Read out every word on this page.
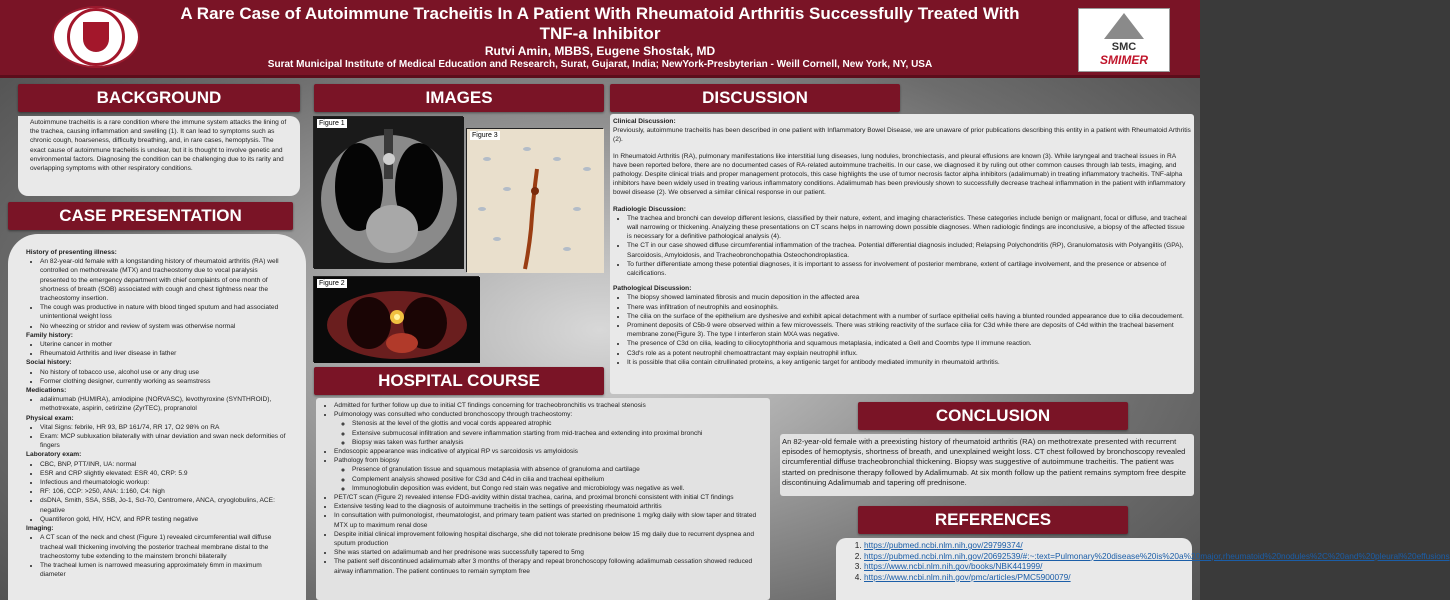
A Rare Case of Autoimmune Tracheitis In A Patient With Rheumatoid Arthritis Successfully Treated With
TNF-a Inhibitor
Rutvi Amin, MBBS, Eugene Shostak, MD
Surat Municipal Institute of Medical Education and Research, Surat, Gujarat, India; NewYork-Presbyterian - Weill Cornell, New York, NY, USA
SMC
SMIMER
BACKGROUND
Autoimmune tracheitis is a rare condition where the immune system attacks the lining of the trachea, causing inflammation and swelling (1). It can lead to symptoms such as chronic cough, hoarseness, difficulty breathing, and, in rare cases, hemoptysis. The exact cause of autoimmune tracheitis is unclear, but it is thought to involve genetic and environmental factors. Diagnosing the condition can be challenging due to its rarity and overlapping symptoms with other respiratory conditions.
CASE PRESENTATION
History of presenting illness:
• An 82-year-old female with a longstanding history of rheumatoid arthritis (RA) well controlled on methotrexate (MTX) and tracheostomy due to vocal paralysis presented to the emergency department with chief complaints of one month of shortness of breath (SOB) associated with cough and chest tightness near the tracheostomy insertion.
• The cough was productive in nature with blood tinged sputum and had associated unintentional weight loss
• No wheezing or stridor and review of system was otherwise normal
Family history:
• Uterine cancer in mother
• Rheumatoid Arthritis and liver disease in father
Social history:
• No history of tobacco use, alcohol use or any drug use
• Former clothing designer, currently working as seamstress
Medications:
• adalimumab (HUMIRA), amlodipine (NORVASC), levothyroxine (SYNTHROID), methotrexate, aspirin, cetirizine (ZyrTEC), propranolol
Physical exam:
• Vital Signs: febrile, HR 93, BP 161/74, RR 17, O2 98% on RA
• Exam: MCP subluxation bilaterally with ulnar deviation and swan neck deformities of fingers
Laboratory exam:
• CBC, BNP, PTT/INR, UA: normal
• ESR and CRP slightly elevated: ESR 40, CRP: 5.9
• Infectious and rheumatologic workup:
• RF: 106, CCP: >250, ANA: 1:160, C4: high
• dsDNA, Smith, SSA, SSB, Jo-1, Scl-70, Centromere, ANCA, cryoglobulins, ACE: negative
• Quantiferon gold, HIV, HCV, and RPR testing negative
Imaging:
• A CT scan of the neck and chest (Figure 1) revealed circumferential wall diffuse tracheal wall thickening involving the posterior tracheal membrane distal to the tracheostomy tube extending to the mainstem bronchi bilaterally
• The tracheal lumen is narrowed measuring approximately 6mm in maximum diameter
IMAGES
Figure 1
Figure 3
Figure 2
HOSPITAL COURSE
• Admitted for further follow up due to initial CT findings concerning for tracheobronchitis vs tracheal stenosis
• Pulmonology was consulted who conducted bronchoscopy through tracheostomy:
◦ Stenosis at the level of the glottis and vocal cords appeared atrophic
◦ Extensive submucosal infiltration and severe inflammation starting from mid-trachea and extending into proximal bronchi
◦ Biopsy was taken was further analysis
• Endoscopic appearance was indicative of atypical RP vs sarcoidosis vs amyloidosis
• Pathology from biopsy
◦ Presence of granulation tissue and squamous metaplasia with absence of granuloma and cartilage
◦ Complement analysis showed positive for C3d and C4d in cilia and tracheal epithelium
◦ Immunoglobulin deposition was evident, but Congo red stain was negative and microbiology was negative as well.
• PET/CT scan (Figure 2) revealed intense FDG-avidity within distal trachea, carina, and proximal bronchi consistent with initial CT findings
• Extensive testing lead to the diagnosis of autoimmune tracheitis in the settings of preexisting rheumatoid arthritis
• In consultation with pulmonologist, rheumatologist, and primary team patient was started on prednisone 1 mg/kg daily with slow taper and titrated MTX up to maximum renal dose
• Despite initial clinical improvement following hospital discharge, she did not tolerate prednisone below 15 mg daily due to recurrent dyspnea and sputum production
• She was started on adalimumab and her prednisone was successfully tapered to 5mg
• The patient self discontinued adalimumab after 3 months of therapy and repeat bronchoscopy following adalimumab cessation showed reduced airway inflammation. The patient continues to remain symptom free
DISCUSSION
Clinical Discussion:

Previously, autoimmune tracheitis has been described in one patient with Inflammatory Bowel Disease, we are unaware of prior publications describing this entity in a patient with Rheumatoid Arthritis (2).

In Rheumatoid Arthritis (RA), pulmonary manifestations like interstitial lung diseases, lung nodules, bronchiectasis, and pleural effusions are known (3). While laryngeal and tracheal issues in RA have been reported before, there are no documented cases of RA-related autoimmune tracheitis. In our case, we diagnosed it by ruling out other common causes through lab tests, imaging, and pathology. Despite clinical trials and proper management protocols, this case highlights the use of tumor necrosis factor alpha inhibitors (adalimumab) in treating inflammatory tracheitis. TNF-alpha inhibitors have been widely used in treating various inflammatory conditions. Adalimumab has been previously shown to successfully decrease tracheal inflammation in the patient with inflammatory bowel disease (2). We observed a similar clinical response in our patient.

Radiologic Discussion:
• The trachea and bronchi can develop different lesions, classified by their nature, extent, and imaging characteristics. These categories include benign or malignant, focal or diffuse, and tracheal wall narrowing or thickening. Analyzing these presentations on CT scans helps in narrowing down possible diagnoses. When radiologic findings are inconclusive, a biopsy of the affected tissue is necessary for a definitive pathological analysis (4).
• The CT in our case showed diffuse circumferential inflammation of the trachea. Potential differential diagnosis included; Relapsing Polychondritis (RP), Granulomatosis with Polyangiitis (GPA), Sarcoidosis, Amyloidosis, and Tracheobronchopathia Osteochondroplastica.
• To further differentiate among these potential diagnoses, it is important to assess for involvement of posterior membrane, extent of cartilage involvement, and the presence or absence of calcifications.
Pathological Discussion:
• The biopsy showed laminated fibrosis and mucin deposition in the affected area
• There was infiltration of neutrophils and eosinophils.
• The cilia on the surface of the epithelium are dyshesive and exhibit apical detachment with a number of surface epithelial cells having a blunted rounded appearance due to cilia decoudement.
• Prominent deposits of C5b-9 were observed within a few microvessels. There was striking reactivity of the surface cilia for C3d while there are deposits of C4d within the tracheal basement membrane zone(Figure 3). The type I interferon stain MXA was negative.
• The presence of C3d on cilia, leading to ciliocytophthoria and squamous metaplasia, indicated a Gell and Coombs type II immune reaction.
• C3d's role as a potent neutrophil chemoattractant may explain neutrophil influx.
• It is possible that cilia contain citrullinated proteins, a key antigenic target for antibody mediated immunity in rheumatoid arthritis.
CONCLUSION
An 82-year-old female with a preexisting history of rheumatoid arthritis (RA) on methotrexate presented with recurrent episodes of hemoptysis, shortness of breath, and unexplained weight loss. CT chest followed by bronchoscopy revealed circumferential diffuse tracheobronchial thickening. Biopsy was suggestive of autoimmune tracheitis. The patient was started on prednisone therapy followed by Adalimumab. At six month follow up the patient remains symptom free despite discontinuing Adalimumab and tapering off prednisone.
REFERENCES
1. https://pubmed.ncbi.nlm.nih.gov/29799374/
2. https://pubmed.ncbi.nlm.nih.gov/20692539/#:~:text=Pulmonary%20disease%20is%20a%20major,rheumatoid%20nodules%2C%20and%20pleural%20effusions
3. https://www.ncbi.nlm.nih.gov/books/NBK441999/
4. https://www.ncbi.nlm.nih.gov/pmc/articles/PMC5900079/
